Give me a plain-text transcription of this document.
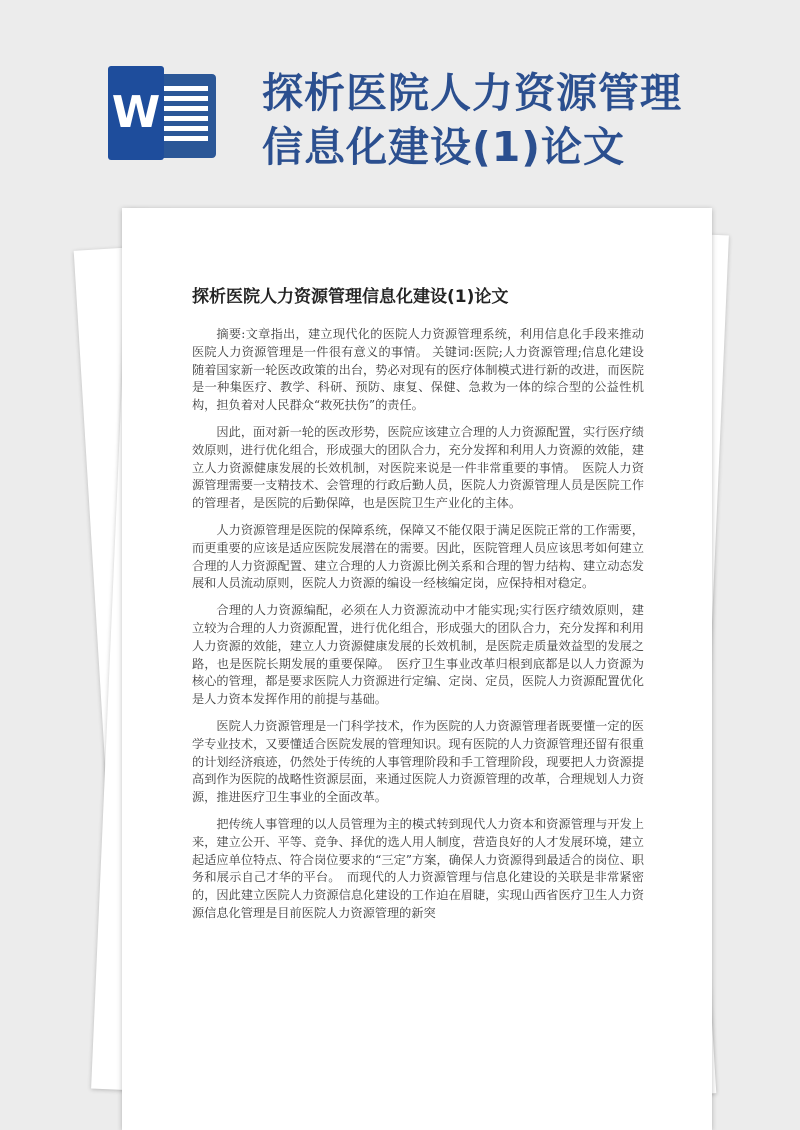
W 探析医院人力资源管理
信息化建设(1)论文
探析医院人力资源管理信息化建设(1)论文

摘要:文章指出，建立现代化的医院人力资源管理系统，利用信息化手段来推动医院人力资源管理是一件很有意义的事情。 关键词:医院;人力资源管理;信息化建设　　随着国家新一轮医改政策的出台，势必对现有的医疗体制模式进行新的改进，而医院是一种集医疗、教学、科研、预防、康复、保健、急救为一体的综合型的公益性机构，担负着对人民群众“救死扶伤”的责任。

因此，面对新一轮的医改形势，医院应该建立合理的人力资源配置，实行医疗绩效原则，进行优化组合，形成强大的团队合力，充分发挥和利用人力资源的效能，建立人力资源健康发展的长效机制，对医院来说是一件非常重要的事情。　医院人力资源管理需要一支精技术、会管理的行政后勤人员，医院人力资源管理人员是医院工作的管理者，是医院的后勤保障，也是医院卫生产业化的主体。

人力资源管理是医院的保障系统，保障又不能仅限于满足医院正常的工作需要，而更重要的应该是适应医院发展潜在的需要。因此，医院管理人员应该思考如何建立合理的人力资源配置、建立合理的人力资源比例关系和合理的智力结构、建立动态发展和人员流动原则，医院人力资源的编设一经核编定岗，应保持相对稳定。

合理的人力资源编配，必须在人力资源流动中才能实现;实行医疗绩效原则，建立较为合理的人力资源配置，进行优化组合，形成强大的团队合力，充分发挥和利用人力资源的效能，建立人力资源健康发展的长效机制，是医院走质量效益型的发展之路，也是医院长期发展的重要保障。　医疗卫生事业改革归根到底都是以人力资源为核心的管理，都是要求医院人力资源进行定编、定岗、定员，医院人力资源配置优化是人力资本发挥作用的前提与基础。

医院人力资源管理是一门科学技术，作为医院的人力资源管理者既要懂一定的医学专业技术，又要懂适合医院发展的管理知识。现有医院的人力资源管理还留有很重的计划经济痕迹，仍然处于传统的人事管理阶段和手工管理阶段，现要把人力资源提高到作为医院的战略性资源层面，来通过医院人力资源管理的改革，合理规划人力资源，推进医疗卫生事业的全面改革。

把传统人事管理的以人员管理为主的模式转到现代人力资本和资源管理与开发上来，建立公开、平等、竞争、择优的选人用人制度，营造良好的人才发展环境，建立起适应单位特点、符合岗位要求的“三定”方案，确保人力资源得到最适合的岗位、职务和展示自己才华的平台。　而现代的人力资源管理与信息化建设的关联是非常紧密的，因此建立医院人力资源信息化建设的工作迫在眉睫，实现山西省医疗卫生人力资源信息化管理是目前医院人力资源管理的新突
